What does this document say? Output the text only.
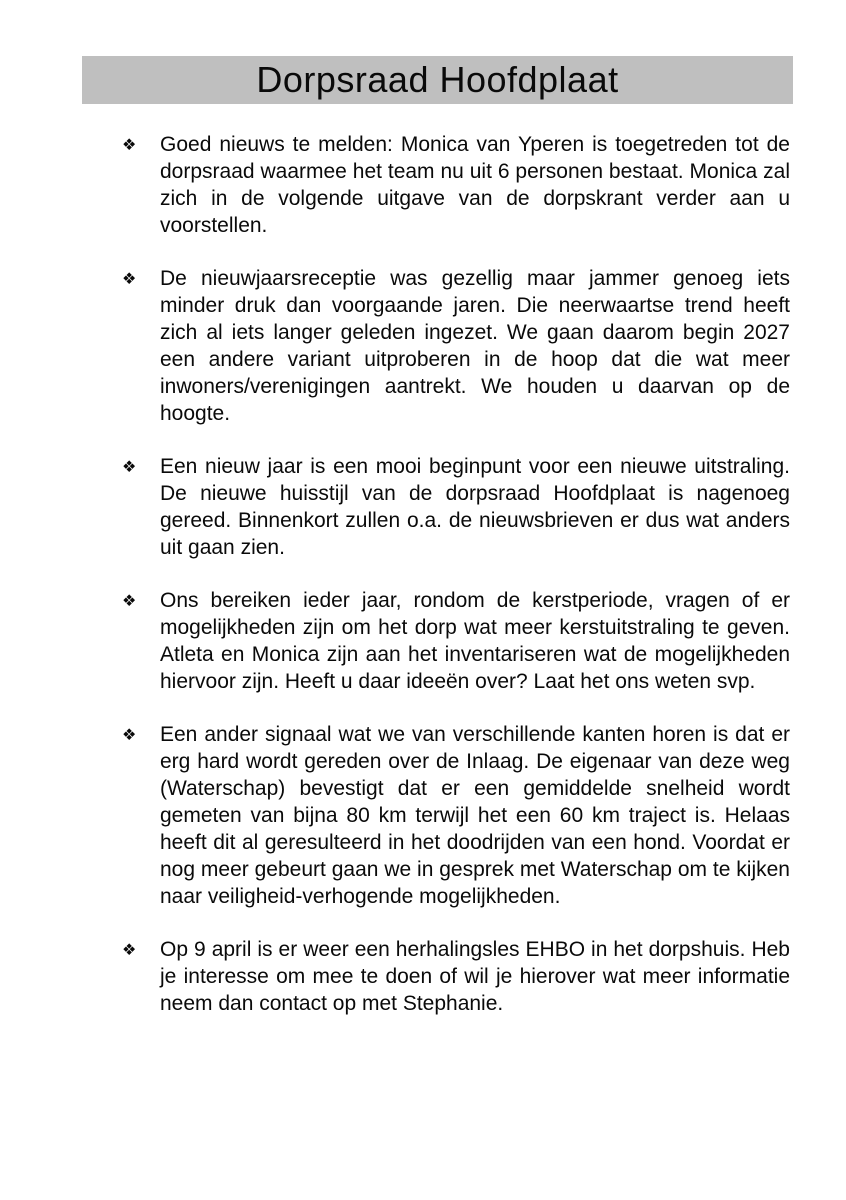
Dorpsraad Hoofdplaat
❖	Goed nieuws te melden: Monica van Yperen is toegetreden tot de dorpsraad waarmee het team nu uit 6 personen bestaat. Monica zal zich in de volgende uitgave van de dorpskrant verder aan u voorstellen.
❖	De nieuwjaarsreceptie was gezellig maar jammer genoeg iets minder druk dan voorgaande jaren. Die neerwaartse trend heeft zich al iets langer geleden ingezet. We gaan daarom begin 2027 een andere variant uitproberen in de hoop dat die wat meer inwoners/verenigingen aantrekt. We houden u daarvan op de hoogte.
❖	Een nieuw jaar is een mooi beginpunt voor een nieuwe uitstraling. De nieuwe huisstijl van de dorpsraad Hoofdplaat is nagenoeg gereed. Binnenkort zullen o.a. de nieuwsbrieven er dus wat anders uit gaan zien.
❖	Ons bereiken ieder jaar, rondom de kerstperiode, vragen of er mogelijkheden zijn om het dorp wat meer kerstuitstraling te geven. Atleta en Monica zijn aan het inventariseren wat de mogelijkheden hiervoor zijn. Heeft u daar ideeën over? Laat het ons weten svp.
❖	Een ander signaal wat we van verschillende kanten horen is dat er erg hard wordt gereden over de Inlaag. De eigenaar van deze weg (Waterschap) bevestigt dat er een gemiddelde snelheid wordt gemeten van bijna 80 km terwijl het een 60 km traject is. Helaas heeft dit al geresulteerd in het doodrijden van een hond. Voordat er nog meer gebeurt gaan we in gesprek met Waterschap om te kijken naar veiligheid-verhogende mogelijkheden.
❖	Op 9 april is er weer een herhalingsles EHBO in het dorpshuis. Heb je interesse om mee te doen of wil je hierover wat meer informatie neem dan contact op met Stephanie.
